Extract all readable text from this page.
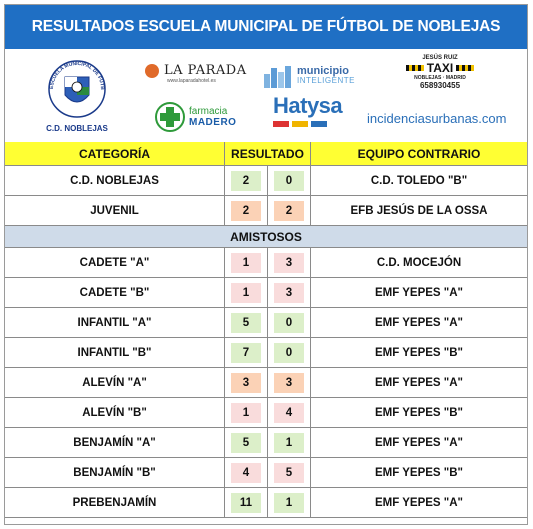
RESULTADOS ESCUELA MUNICIPAL DE FÚTBOL DE NOBLEJAS
ESCUELA MUNICIPAL DE FÚTB
C.D. NOBLEJAS
LA PARADA
www.laparadahotel.es
farmacia
MADERO
municipio
INTELIGENTE
Hatysa
JESÚS RUIZ
TAXI
NOBLEJAS · MADRID
658930455
incidenciasurbanas.com
CATEGORÍA	RESULTADO	EQUIPO CONTRARIO
C.D. NOBLEJAS	2	0	C.D. TOLEDO "B"
JUVENIL	2	2	EFB JESÚS DE LA OSSA
AMISTOSOS
CADETE "A"	1	3	C.D. MOCEJÓN
CADETE "B"	1	3	EMF YEPES "A"
INFANTIL "A"	5	0	EMF YEPES "A"
INFANTIL "B"	7	0	EMF YEPES "B"
ALEVÍN "A"	3	3	EMF YEPES "A"
ALEVÍN "B"	1	4	EMF YEPES "B"
BENJAMÍN "A"	5	1	EMF YEPES "A"
BENJAMÍN "B"	4	5	EMF YEPES "B"
PREBENJAMÍN	11	1	EMF YEPES "A"
